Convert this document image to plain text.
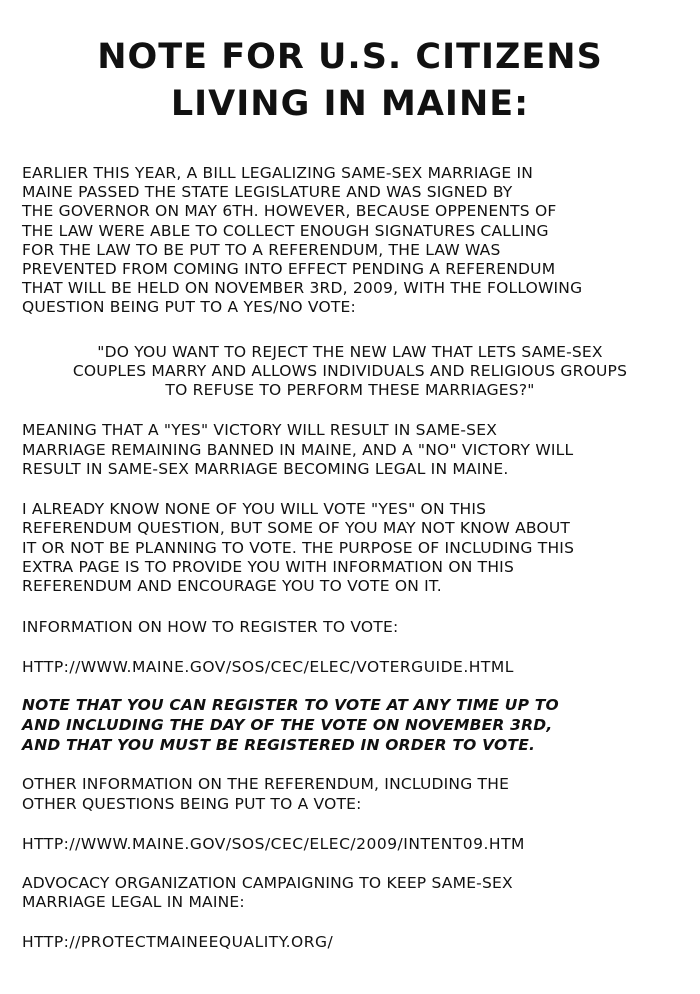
NOTE FOR U.S. CITIZENS
LIVING IN MAINE:
EARLIER THIS YEAR, A BILL LEGALIZING SAME-SEX MARRIAGE IN
MAINE PASSED THE STATE LEGISLATURE AND WAS SIGNED BY
THE GOVERNOR ON MAY 6TH. HOWEVER, BECAUSE OPPENENTS OF
THE LAW WERE ABLE TO COLLECT ENOUGH SIGNATURES CALLING
FOR THE LAW TO BE PUT TO A REFERENDUM, THE LAW WAS
PREVENTED FROM COMING INTO EFFECT PENDING A REFERENDUM
THAT WILL BE HELD ON NOVEMBER 3RD, 2009, WITH THE FOLLOWING
QUESTION BEING PUT TO A YES/NO VOTE:
"DO YOU WANT TO REJECT THE NEW LAW THAT LETS SAME-SEX
COUPLES MARRY AND ALLOWS INDIVIDUALS AND RELIGIOUS GROUPS
TO REFUSE TO PERFORM THESE MARRIAGES?"
MEANING THAT A "YES" VICTORY WILL RESULT IN SAME-SEX
MARRIAGE REMAINING BANNED IN MAINE, AND A "NO" VICTORY WILL
RESULT IN SAME-SEX MARRIAGE BECOMING LEGAL IN MAINE.
I ALREADY KNOW NONE OF YOU WILL VOTE "YES" ON THIS
REFERENDUM QUESTION, BUT SOME OF YOU MAY NOT KNOW ABOUT
IT OR NOT BE PLANNING TO VOTE. THE PURPOSE OF INCLUDING THIS
EXTRA PAGE IS TO PROVIDE YOU WITH INFORMATION ON THIS
REFERENDUM AND ENCOURAGE YOU TO VOTE ON IT.
INFORMATION ON HOW TO REGISTER TO VOTE:
HTTP://WWW.MAINE.GOV/SOS/CEC/ELEC/VOTERGUIDE.HTML
NOTE THAT YOU CAN REGISTER TO VOTE AT ANY TIME UP TO
AND INCLUDING THE DAY OF THE VOTE ON NOVEMBER 3RD,
AND THAT YOU MUST BE REGISTERED IN ORDER TO VOTE.
OTHER INFORMATION ON THE REFERENDUM, INCLUDING THE
OTHER QUESTIONS BEING PUT TO A VOTE:
HTTP://WWW.MAINE.GOV/SOS/CEC/ELEC/2009/INTENT09.HTM
ADVOCACY ORGANIZATION CAMPAIGNING TO KEEP SAME-SEX
MARRIAGE LEGAL IN MAINE:
HTTP://PROTECTMAINEEQUALITY.ORG/
